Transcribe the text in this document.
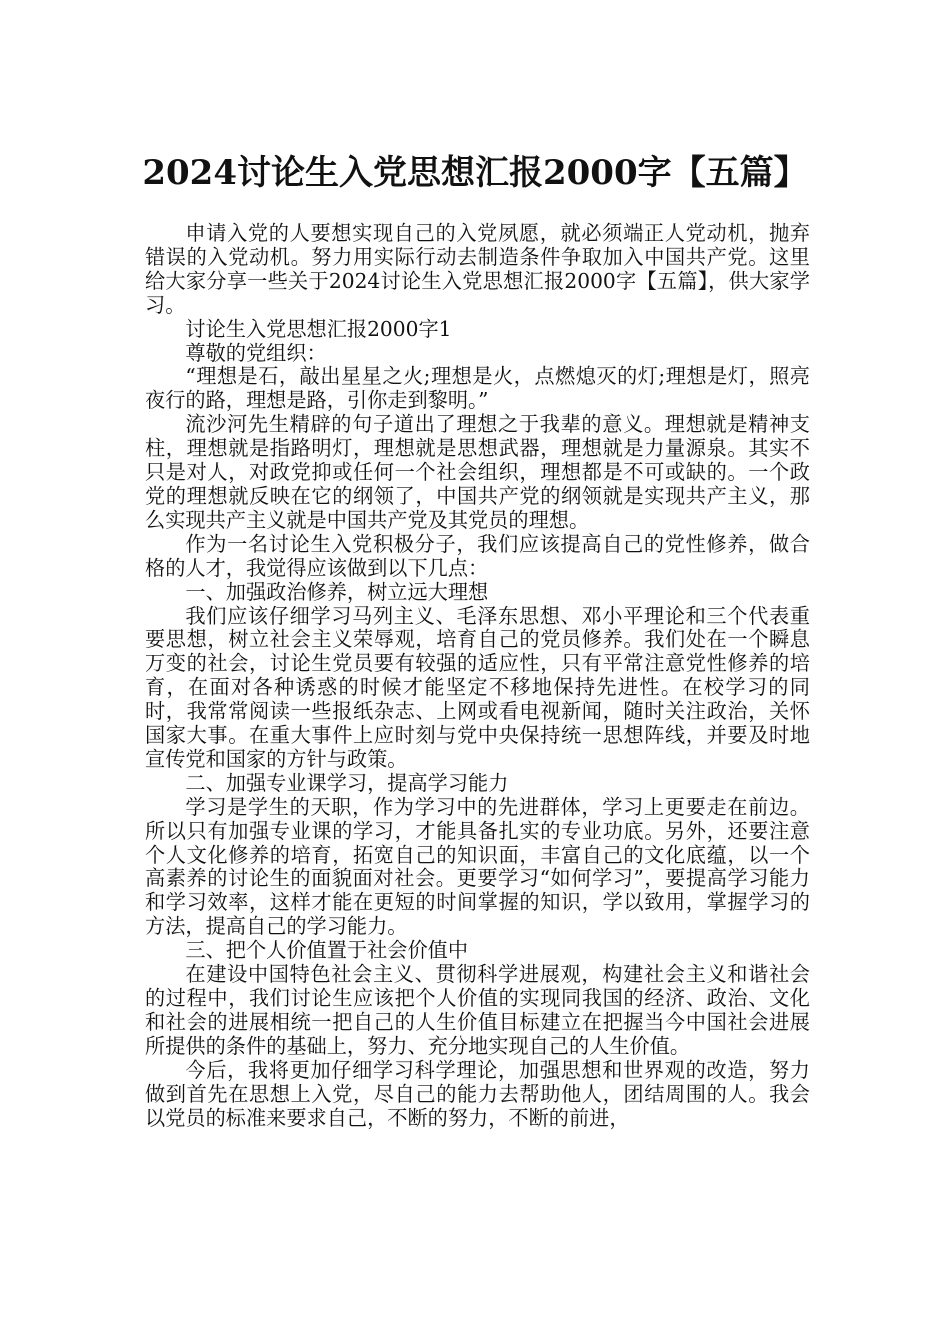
2024讨论生入党思想汇报2000字【五篇】

申请入党的人要想实现自己的入党夙愿，就必须端正人党动机，抛弃错误的入党动机。努力用实际行动去制造条件争取加入中国共产党。这里给大家分享一些关于2024讨论生入党思想汇报2000字【五篇】，供大家学习。

讨论生入党思想汇报2000字1

尊敬的党组织：

“理想是石，敲出星星之火;理想是火，点燃熄灭的灯;理想是灯，照亮夜行的路，理想是路，引你走到黎明。”

流沙河先生精辟的句子道出了理想之于我辈的意义。理想就是精神支柱，理想就是指路明灯，理想就是思想武器，理想就是力量源泉。其实不只是对人，对政党抑或任何一个社会组织，理想都是不可或缺的。一个政党的理想就反映在它的纲领了，中国共产党的纲领就是实现共产主义，那么实现共产主义就是中国共产党及其党员的理想。

作为一名讨论生入党积极分子，我们应该提高自己的党性修养，做合格的人才，我觉得应该做到以下几点：

一、加强政治修养，树立远大理想

我们应该仔细学习马列主义、毛泽东思想、邓小平理论和三个代表重要思想，树立社会主义荣辱观，培育自己的党员修养。我们处在一个瞬息万变的社会，讨论生党员要有较强的适应性，只有平常注意党性修养的培育，在面对各种诱惑的时候才能坚定不移地保持先进性。在校学习的同时，我常常阅读一些报纸杂志、上网或看电视新闻，随时关注政治，关怀国家大事。在重大事件上应时刻与党中央保持统一思想阵线，并要及时地宣传党和国家的方针与政策。

二、加强专业课学习，提高学习能力

学习是学生的天职，作为学习中的先进群体，学习上更要走在前边。所以只有加强专业课的学习，才能具备扎实的专业功底。另外，还要注意个人文化修养的培育，拓宽自己的知识面，丰富自己的文化底蕴，以一个高素养的讨论生的面貌面对社会。更要学习“如何学习”，要提高学习能力和学习效率，这样才能在更短的时间掌握的知识，学以致用，掌握学习的方法，提高自己的学习能力。

三、把个人价值置于社会价值中

在建设中国特色社会主义、贯彻科学进展观，构建社会主义和谐社会的过程中，我们讨论生应该把个人价值的实现同我国的经济、政治、文化和社会的进展相统一把自己的人生价值目标建立在把握当今中国社会进展所提供的条件的基础上，努力、充分地实现自己的人生价值。

今后，我将更加仔细学习科学理论，加强思想和世界观的改造，努力做到首先在思想上入党，尽自己的能力去帮助他人，团结周围的人。我会以党员的标准来要求自己，不断的努力，不断的前进，
